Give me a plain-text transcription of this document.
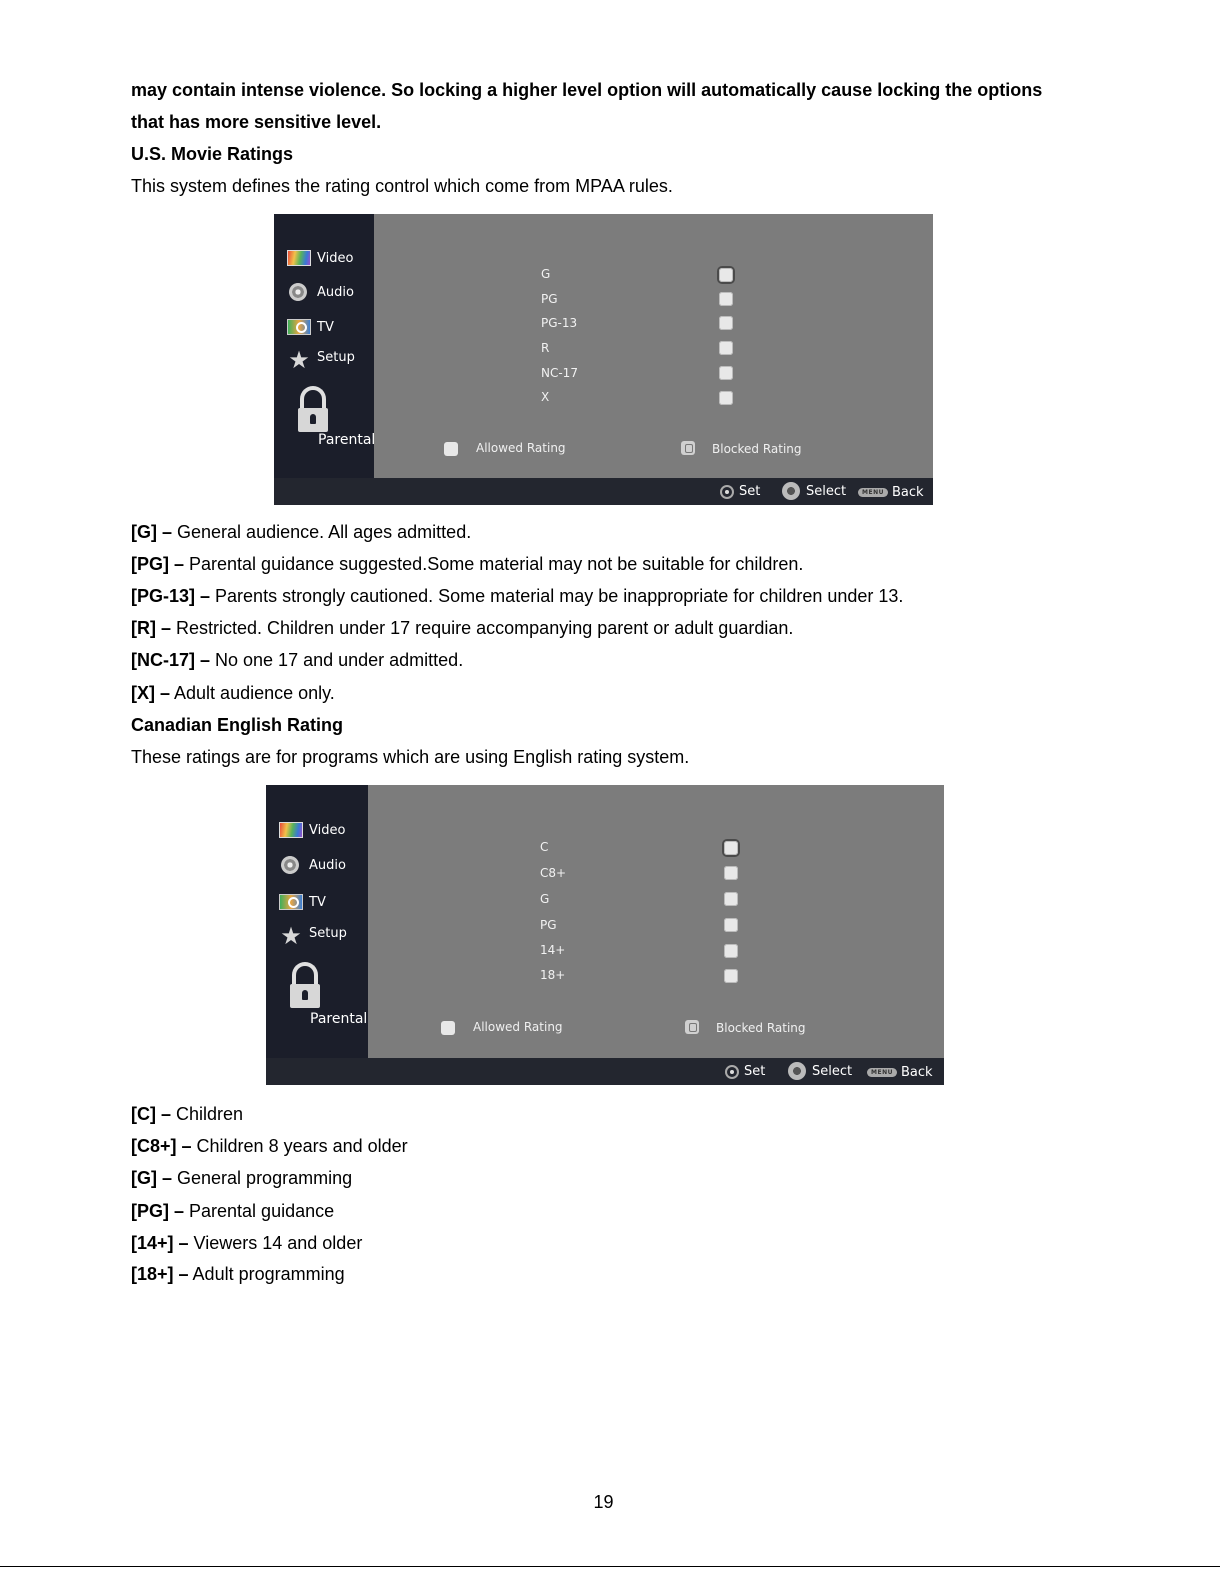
may contain intense violence. So locking a higher level option will automatically cause locking the options

that has more sensitive level.

U.S. Movie Ratings

This system defines the rating control which come from MPAA rules.

Video
Audio
TV
★ Setup
Parental
G
PG
PG-13
R
NC-17
X
Allowed Rating	Blocked Rating
Set	Select	MENU Back

[G] – General audience. All ages admitted.

[PG] – Parental guidance suggested.Some material may not be suitable for children.

[PG-13] – Parents strongly cautioned. Some material may be inappropriate for children under 13.

[R] – Restricted. Children under 17 require accompanying parent or adult guardian.

[NC-17] – No one 17 and under admitted.

[X] – Adult audience only.

Canadian English Rating

These ratings are for programs which are using English rating system.

Video
Audio
TV
★ Setup
Parental
C
C8+
G
PG
14+
18+
Allowed Rating	Blocked Rating
Set	Select	MENU Back

[C] – Children

[C8+] – Children 8 years and older

[G] – General programming

[PG] – Parental guidance

[14+] – Viewers 14 and older

[18+] – Adult programming

19
